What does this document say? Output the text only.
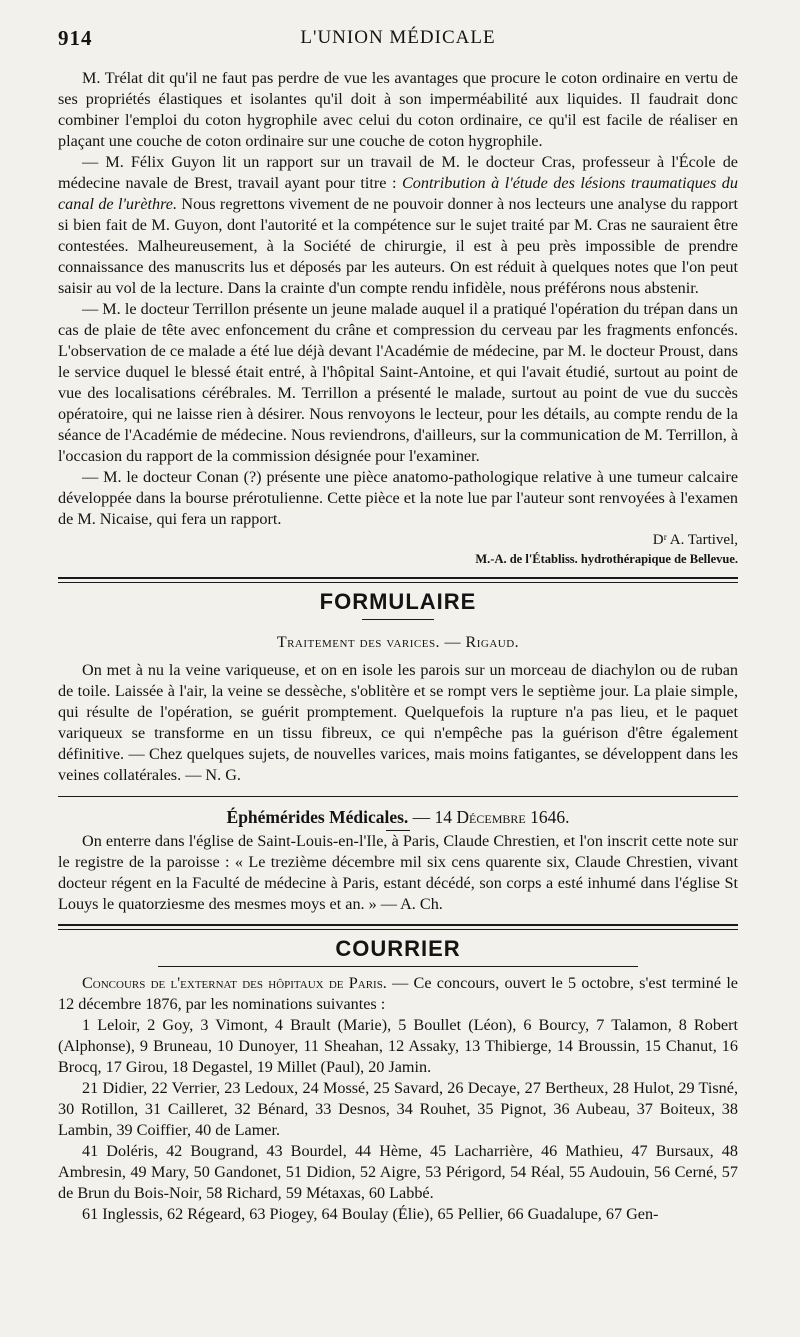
914	L'UNION MÉDICALE

M. Trélat dit qu'il ne faut pas perdre de vue les avantages que procure le coton ordinaire en vertu de ses propriétés élastiques et isolantes qu'il doit à son imperméabilité aux liquides. Il faudrait donc combiner l'emploi du coton hygrophile avec celui du coton ordinaire, ce qu'il est facile de réaliser en plaçant une couche de coton ordinaire sur une couche de coton hygrophile.

— M. Félix Guyon lit un rapport sur un travail de M. le docteur Cras, professeur à l'École de médecine navale de Brest, travail ayant pour titre : Contribution à l'étude des lésions traumatiques du canal de l'urèthre. Nous regrettons vivement de ne pouvoir donner à nos lecteurs une analyse du rapport si bien fait de M. Guyon, dont l'autorité et la compétence sur le sujet traité par M. Cras ne sauraient être contestées. Malheureusement, à la Société de chirurgie, il est à peu près impossible de prendre connaissance des manuscrits lus et déposés par les auteurs. On est réduit à quelques notes que l'on peut saisir au vol de la lecture. Dans la crainte d'un compte rendu infidèle, nous préférons nous abstenir.

— M. le docteur Terrillon présente un jeune malade auquel il a pratiqué l'opération du trépan dans un cas de plaie de tête avec enfoncement du crâne et compression du cerveau par les fragments enfoncés. L'observation de ce malade a été lue déjà devant l'Académie de médecine, par M. le docteur Proust, dans le service duquel le blessé était entré, à l'hôpital Saint-Antoine, et qui l'avait étudié, surtout au point de vue des localisations cérébrales. M. Terrillon a présenté le malade, surtout au point de vue du succès opératoire, qui ne laisse rien à désirer. Nous renvoyons le lecteur, pour les détails, au compte rendu de la séance de l'Académie de médecine. Nous reviendrons, d'ailleurs, sur la communication de M. Terrillon, à l'occasion du rapport de la commission désignée pour l'examiner.

— M. le docteur Conan (?) présente une pièce anatomo-pathologique relative à une tumeur calcaire développée dans la bourse prérotulienne. Cette pièce et la note lue par l'auteur sont renvoyées à l'examen de M. Nicaise, qui fera un rapport.

Dʳ A. Tartivel,
M.-A. de l'Établiss. hydrothérapique de Bellevue.
FORMULAIRE
Traitement des varices. — Rigaud.

On met à nu la veine variqueuse, et on en isole les parois sur un morceau de diachylon ou de ruban de toile. Laissée à l'air, la veine se dessèche, s'oblitère et se rompt vers le septième jour. La plaie simple, qui résulte de l'opération, se guérit promptement. Quelquefois la rupture n'a pas lieu, et le paquet variqueux se transforme en un tissu fibreux, ce qui n'empêche pas la guérison d'être également définitive. — Chez quelques sujets, de nouvelles varices, mais moins fatigantes, se développent dans les veines collatérales. — N. G.

Éphémérides Médicales. — 14 Décembre 1646.

On enterre dans l'église de Saint-Louis-en-l'Ile, à Paris, Claude Chrestien, et l'on inscrit cette note sur le registre de la paroisse : « Le trezième décembre mil six cens quarente six, Claude Chrestien, vivant docteur régent en la Faculté de médecine à Paris, estant décédé, son corps a esté inhumé dans l'église St Louys le quatorziesme des mesmes moys et an. » — A. Ch.

COURRIER

Concours de l'externat des hôpitaux de Paris. — Ce concours, ouvert le 5 octobre, s'est terminé le 12 décembre 1876, par les nominations suivantes :

1 Leloir, 2 Goy, 3 Vimont, 4 Brault (Marie), 5 Boullet (Léon), 6 Bourcy, 7 Talamon, 8 Robert (Alphonse), 9 Bruneau, 10 Dunoyer, 11 Sheahan, 12 Assaky, 13 Thibierge, 14 Broussin, 15 Chanut, 16 Brocq, 17 Girou, 18 Degastel, 19 Millet (Paul), 20 Jamin.

21 Didier, 22 Verrier, 23 Ledoux, 24 Mossé, 25 Savard, 26 Decaye, 27 Bertheux, 28 Hulot, 29 Tisné, 30 Rotillon, 31 Cailleret, 32 Bénard, 33 Desnos, 34 Rouhet, 35 Pignot, 36 Aubeau, 37 Boiteux, 38 Lambin, 39 Coiffier, 40 de Lamer.

41 Doléris, 42 Bougrand, 43 Bourdel, 44 Hème, 45 Lacharrière, 46 Mathieu, 47 Bursaux, 48 Ambresin, 49 Mary, 50 Gandonet, 51 Didion, 52 Aigre, 53 Périgord, 54 Réal, 55 Audouin, 56 Cerné, 57 de Brun du Bois-Noir, 58 Richard, 59 Métaxas, 60 Labbé.

61 Inglessis, 62 Régeard, 63 Piogey, 64 Boulay (Élie), 65 Pellier, 66 Guadalupe, 67 Gen-
